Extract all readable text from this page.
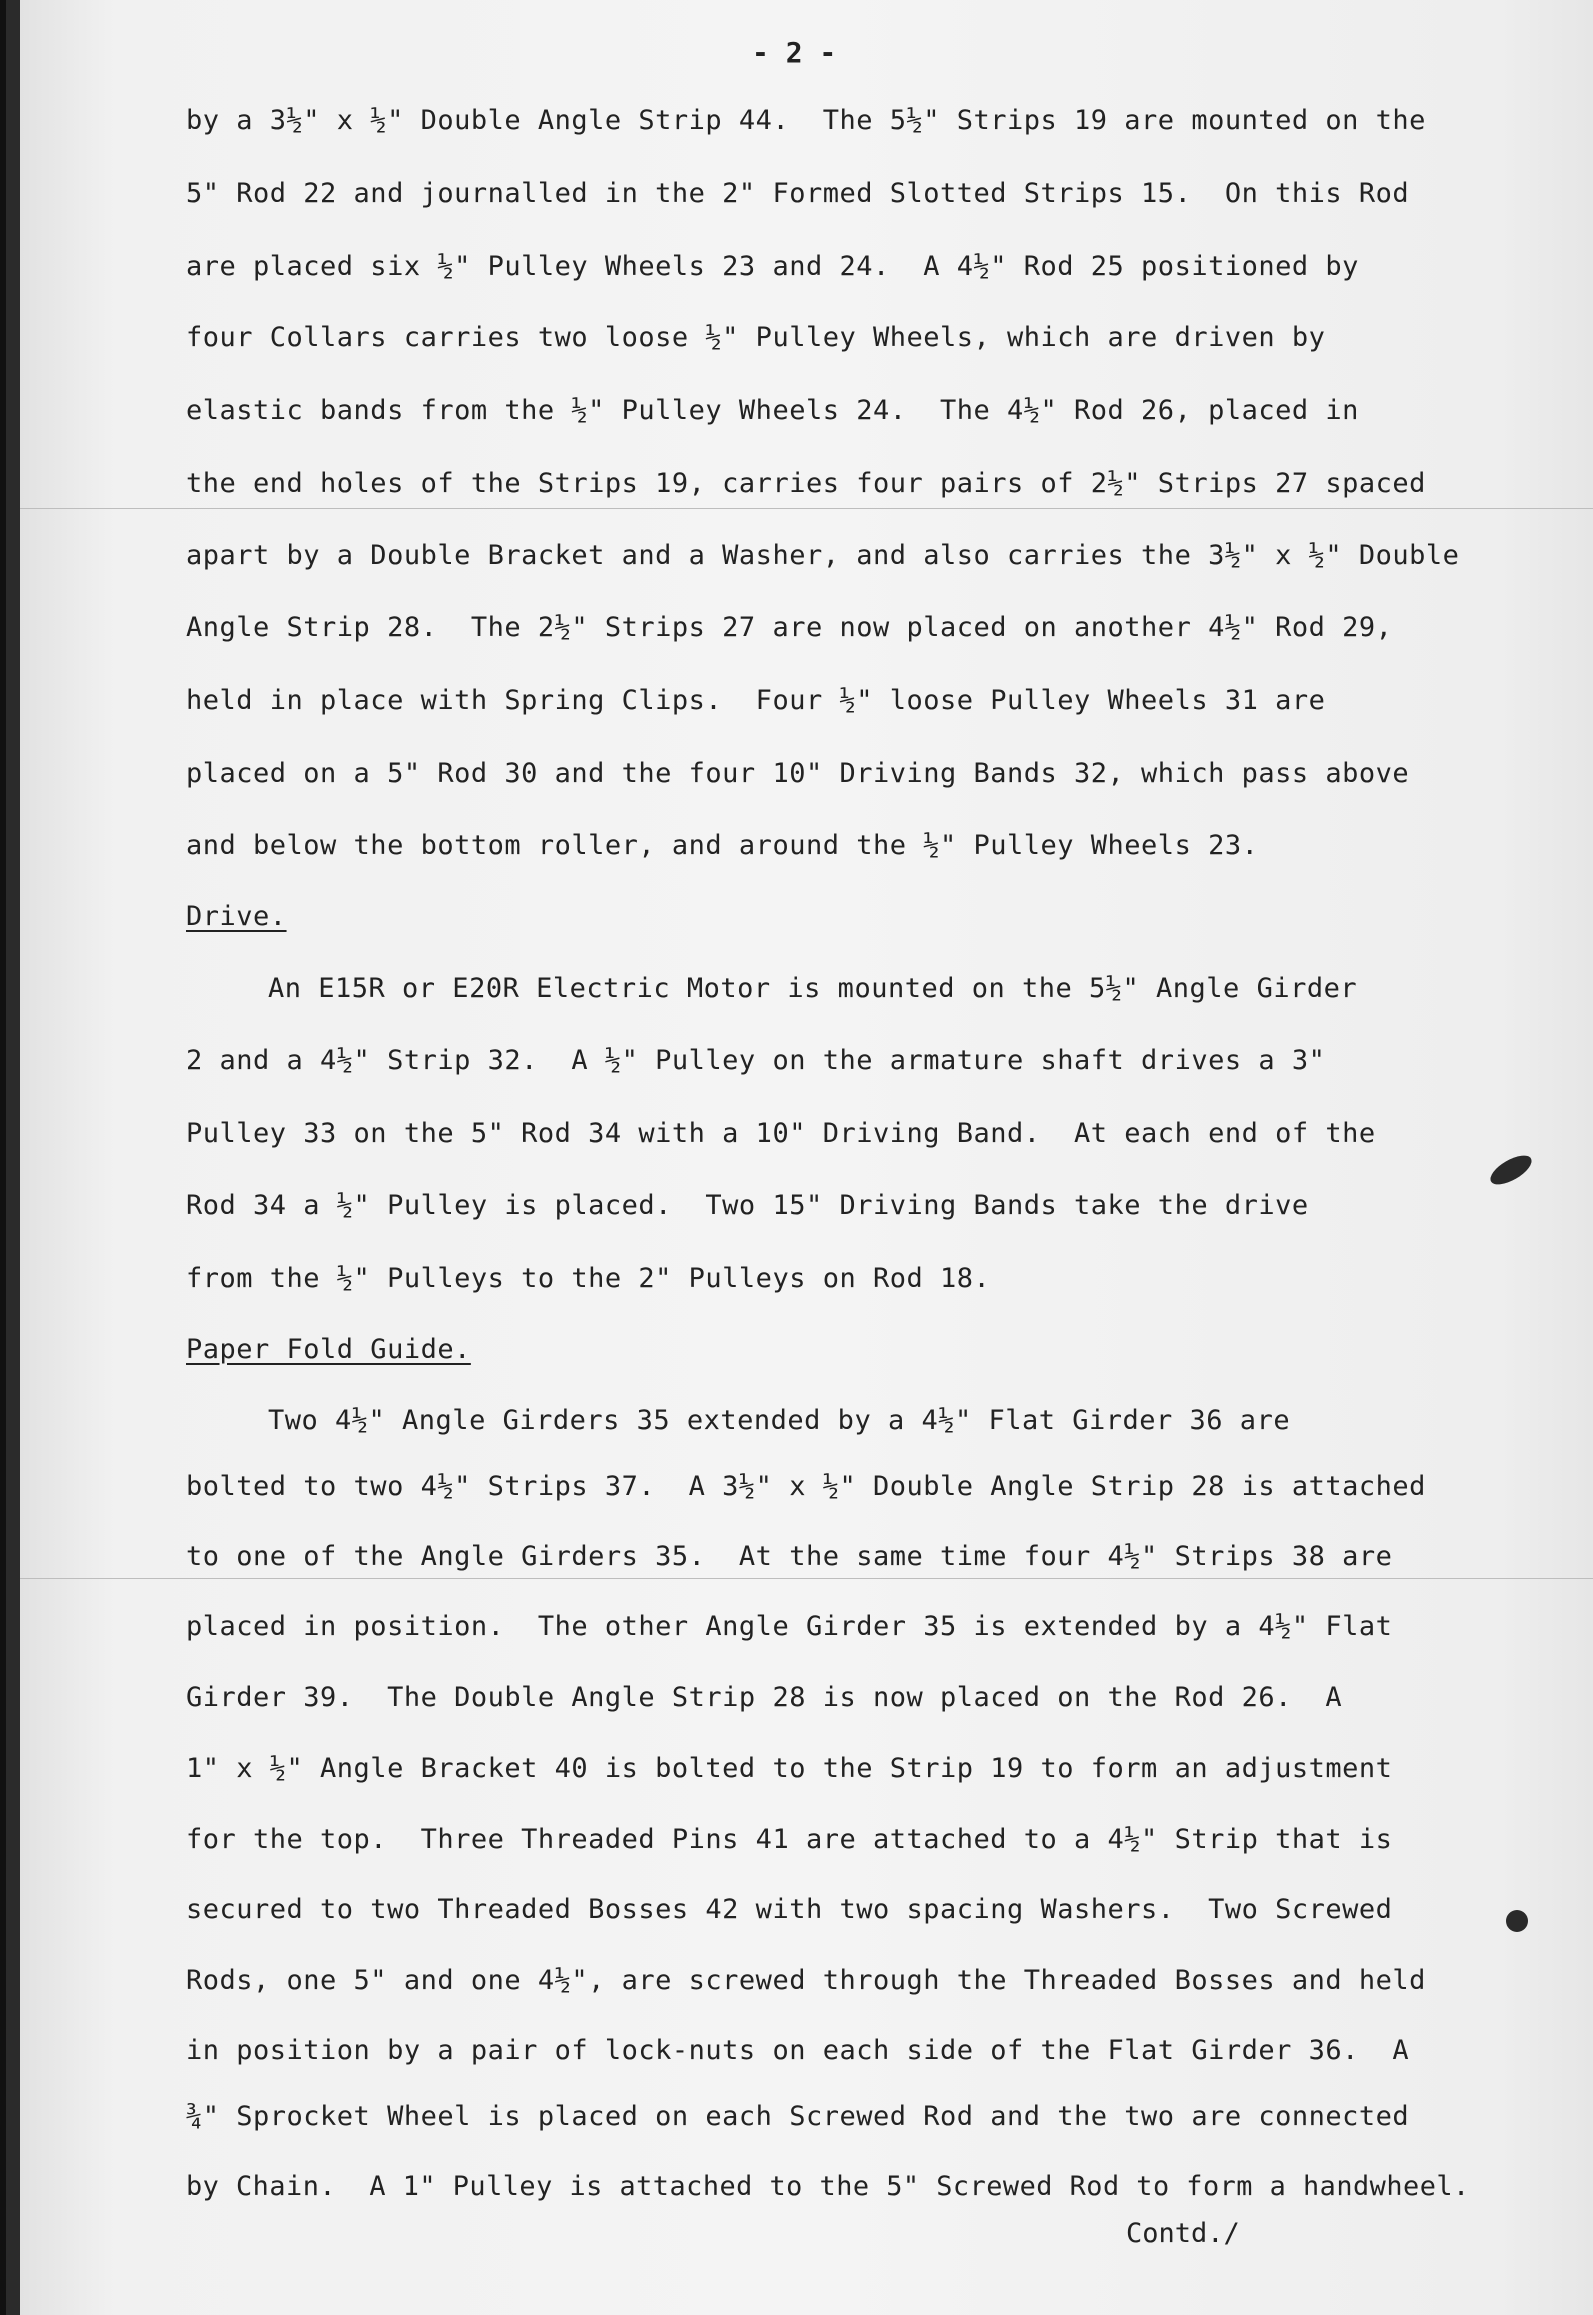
- 2 -
by a 3½" x ½" Double Angle Strip 44.  The 5½" Strips 19 are mounted on the
5" Rod 22 and journalled in the 2" Formed Slotted Strips 15.  On this Rod
are placed six ½" Pulley Wheels 23 and 24.  A 4½" Rod 25 positioned by
four Collars carries two loose ½" Pulley Wheels, which are driven by
elastic bands from the ½" Pulley Wheels 24.  The 4½" Rod 26, placed in
the end holes of the Strips 19, carries four pairs of 2½" Strips 27 spaced
apart by a Double Bracket and a Washer, and also carries the 3½" x ½" Double
Angle Strip 28.  The 2½" Strips 27 are now placed on another 4½" Rod 29,
held in place with Spring Clips.  Four ½" loose Pulley Wheels 31 are
placed on a 5" Rod 30 and the four 10" Driving Bands 32, which pass above
and below the bottom roller, and around the ½" Pulley Wheels 23.
Drive.
An E15R or E20R Electric Motor is mounted on the 5½" Angle Girder
2 and a 4½" Strip 32.  A ½" Pulley on the armature shaft drives a 3"
Pulley 33 on the 5" Rod 34 with a 10" Driving Band.  At each end of the
Rod 34 a ½" Pulley is placed.  Two 15" Driving Bands take the drive
from the ½" Pulleys to the 2" Pulleys on Rod 18.
Paper Fold Guide.
Two 4½" Angle Girders 35 extended by a 4½" Flat Girder 36 are
bolted to two 4½" Strips 37.  A 3½" x ½" Double Angle Strip 28 is attached
to one of the Angle Girders 35.  At the same time four 4½" Strips 38 are
placed in position.  The other Angle Girder 35 is extended by a 4½" Flat
Girder 39.  The Double Angle Strip 28 is now placed on the Rod 26.  A
1" x ½" Angle Bracket 40 is bolted to the Strip 19 to form an adjustment
for the top.  Three Threaded Pins 41 are attached to a 4½" Strip that is
secured to two Threaded Bosses 42 with two spacing Washers.  Two Screwed
Rods, one 5" and one 4½", are screwed through the Threaded Bosses and held
in position by a pair of lock-nuts on each side of the Flat Girder 36.  A
¾" Sprocket Wheel is placed on each Screwed Rod and the two are connected
by Chain.  A 1" Pulley is attached to the 5" Screwed Rod to form a handwheel.
Contd./
